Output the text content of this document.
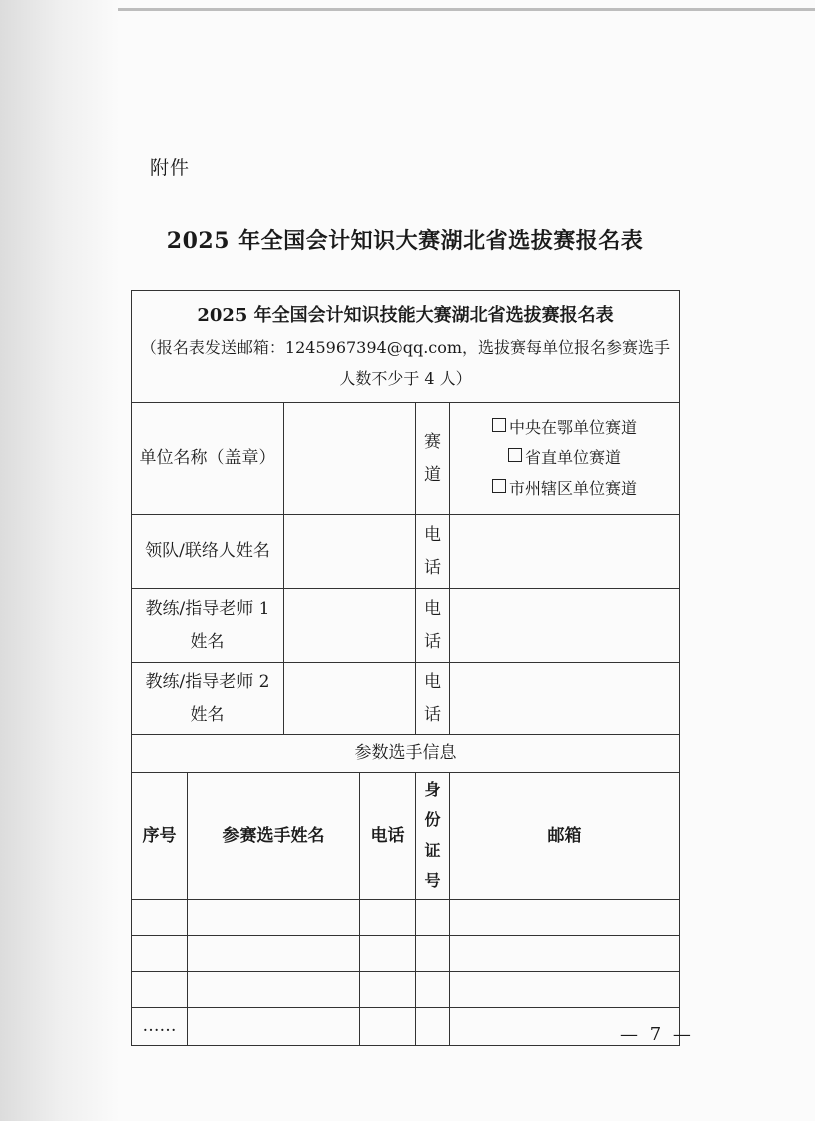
附件
2025 年全国会计知识大赛湖北省选拔赛报名表
2025 年全国会计知识技能大赛湖北省选拔赛报名表
（报名表发送邮箱：1245967394@qq.com，选拔赛每单位报名参赛选手人数不少于 4 人）					

单位名称（盖章）				赛道	中央在鄂单位赛道
省直单位赛道
市州辖区单位赛道

领队/联络人姓名				电话	
教练/指导老师 1 姓名				电话	
教练/指导老师 2 姓名				电话	
参数选手信息					
序号	参赛选手姓名		电话	身份证号	邮箱

……						— 7 —
